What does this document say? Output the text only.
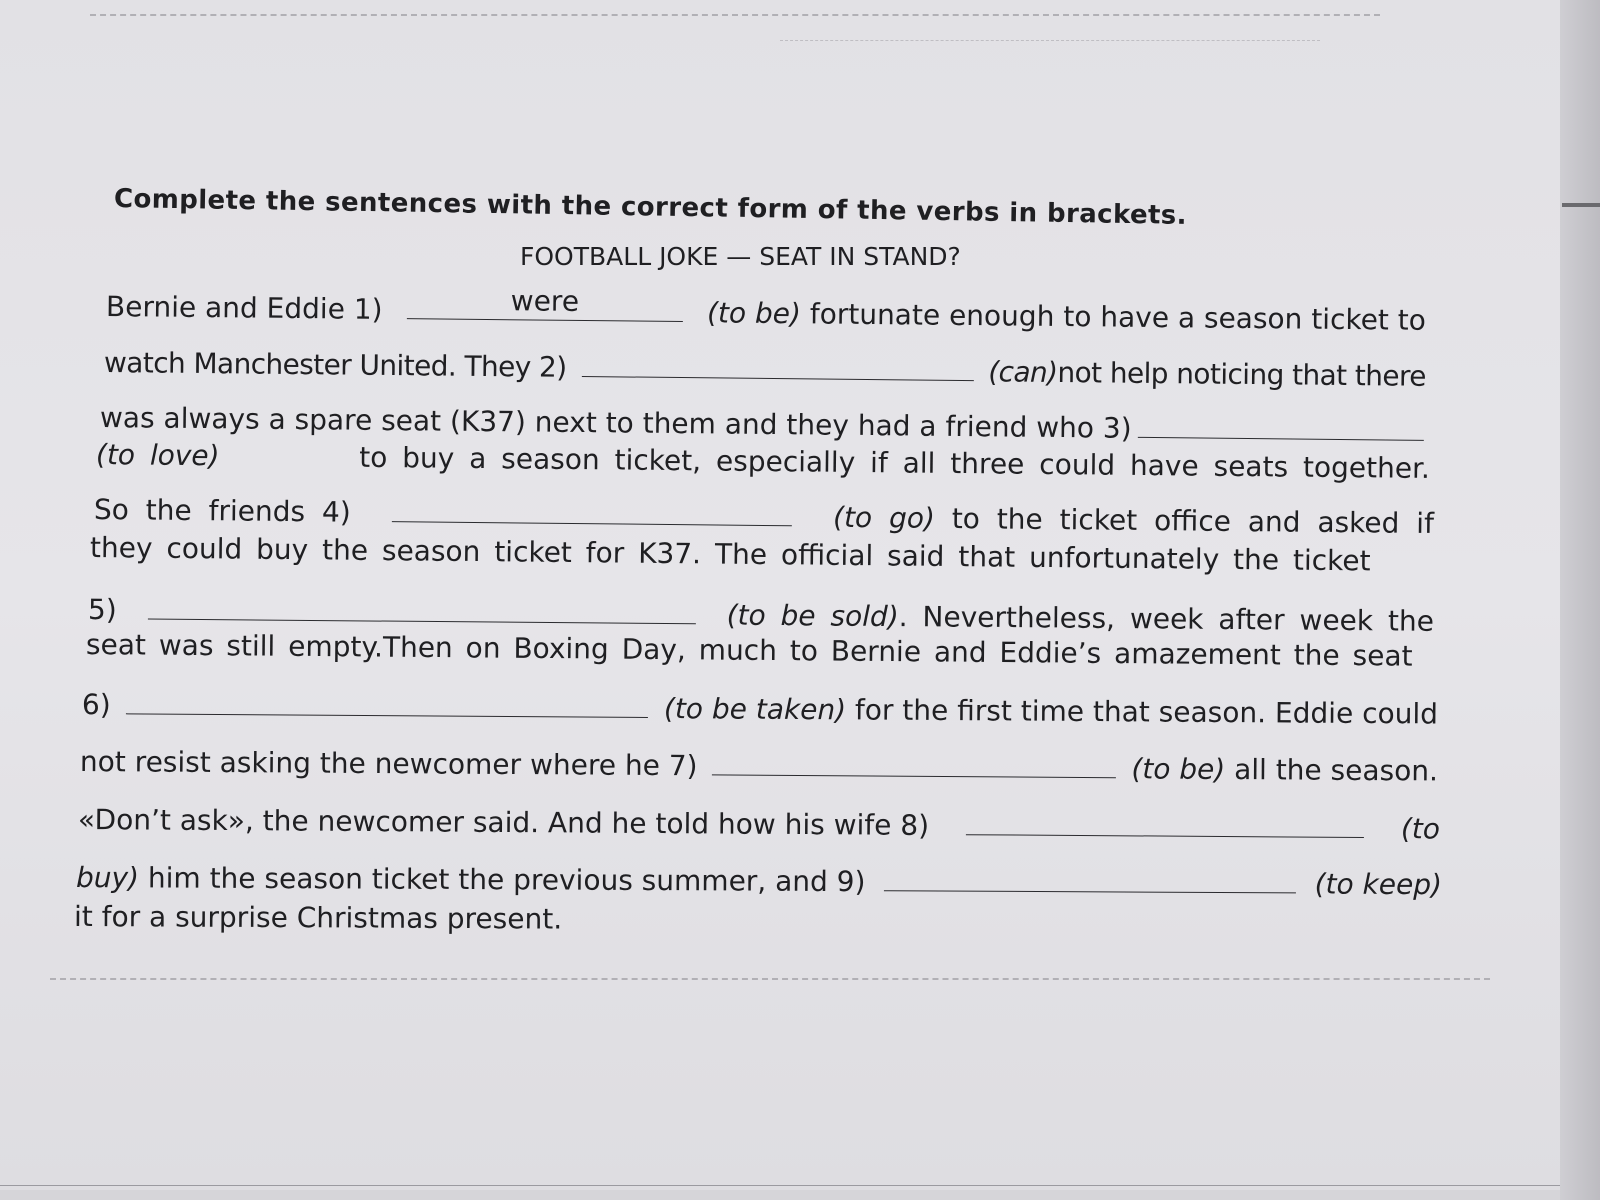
Complete the sentences with the correct form of the verbs in brackets.
FOOTBALL JOKE — SEAT IN STAND?
Bernie and Eddie 1)	were	(to be) fortunate enough to have a season ticket to
watch Manchester United. They 2)	(can)not help noticing that there
was always a spare seat (K37) next to them and they had a friend who 3)
(to love)	to buy a season ticket, especially if all three could have seats together.
So the friends 4)	(to go) to the ticket office and asked if
they could buy the season ticket for K37. The official said that unfortunately the ticket
5)	(to be sold). Nevertheless, week after week the
seat was still empty.Then on Boxing Day, much to Bernie and Eddie’s amazement the seat
6)	(to be taken) for the first time that season. Eddie could
not resist asking the newcomer where he 7)	(to be) all the season.
«Don’t ask», the newcomer said. And he told how his wife 8)	(to
buy) him the season ticket the previous summer, and 9)	(to keep)
it for a surprise Christmas present.
